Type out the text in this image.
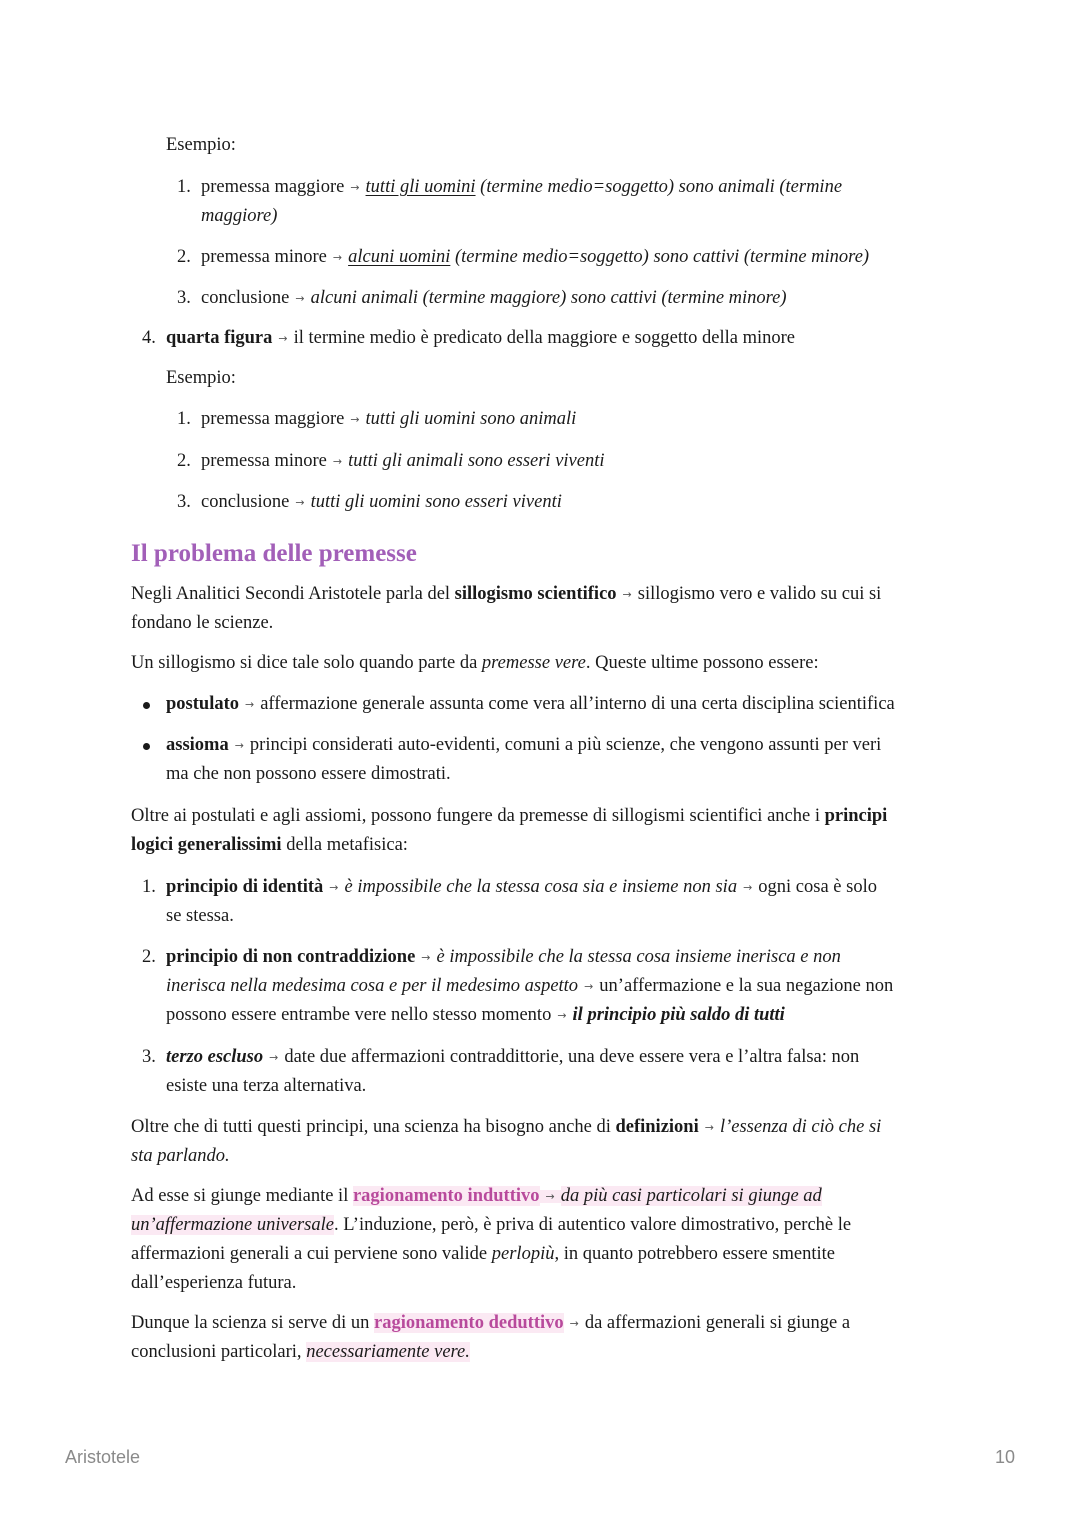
Esempio:
1. premessa maggiore → tutti gli uomini (termine medio=soggetto) sono animali (termine
maggiore)
2. premessa minore → alcuni uomini (termine medio=soggetto) sono cattivi (termine minore)
3. conclusione → alcuni animali (termine maggiore) sono cattivi (termine minore)
4. quarta figura → il termine medio è predicato della maggiore e soggetto della minore
Esempio:
1. premessa maggiore → tutti gli uomini sono animali
2. premessa minore → tutti gli animali sono esseri viventi
3. conclusione → tutti gli uomini sono esseri viventi
Il problema delle premesse
Negli Analitici Secondi Aristotele parla del sillogismo scientifico → sillogismo vero e valido su cui si
fondano le scienze.
Un sillogismo si dice tale solo quando parte da premesse vere. Queste ultime possono essere:
postulato → affermazione generale assunta come vera all’interno di una certa disciplina scientifica
assioma → principi considerati auto-evidenti, comuni a più scienze, che vengono assunti per veri
ma che non possono essere dimostrati.
Oltre ai postulati e agli assiomi, possono fungere da premesse di sillogismi scientifici anche i principi
logici generalissimi della metafisica:
1. principio di identità → è impossibile che la stessa cosa sia e insieme non sia → ogni cosa è solo
se stessa.
2. principio di non contraddizione → è impossibile che la stessa cosa insieme inerisca e non
inerisca nella medesima cosa e per il medesimo aspetto → un’affermazione e la sua negazione non
possono essere entrambe vere nello stesso momento → il principio più saldo di tutti
3. terzo escluso → date due affermazioni contraddittorie, una deve essere vera e l’altra falsa: non
esiste una terza alternativa.
Oltre che di tutti questi principi, una scienza ha bisogno anche di definizioni → l’essenza di ciò che si
sta parlando.
Ad esse si giunge mediante il ragionamento induttivo → da più casi particolari si giunge ad
un’affermazione universale. L’induzione, però, è priva di autentico valore dimostrativo, perchè le
affermazioni generali a cui perviene sono valide perlopiù, in quanto potrebbero essere smentite
dall’esperienza futura.
Dunque la scienza si serve di un ragionamento deduttivo → da affermazioni generali si giunge a
conclusioni particolari, necessariamente vere.
Aristotele	10
